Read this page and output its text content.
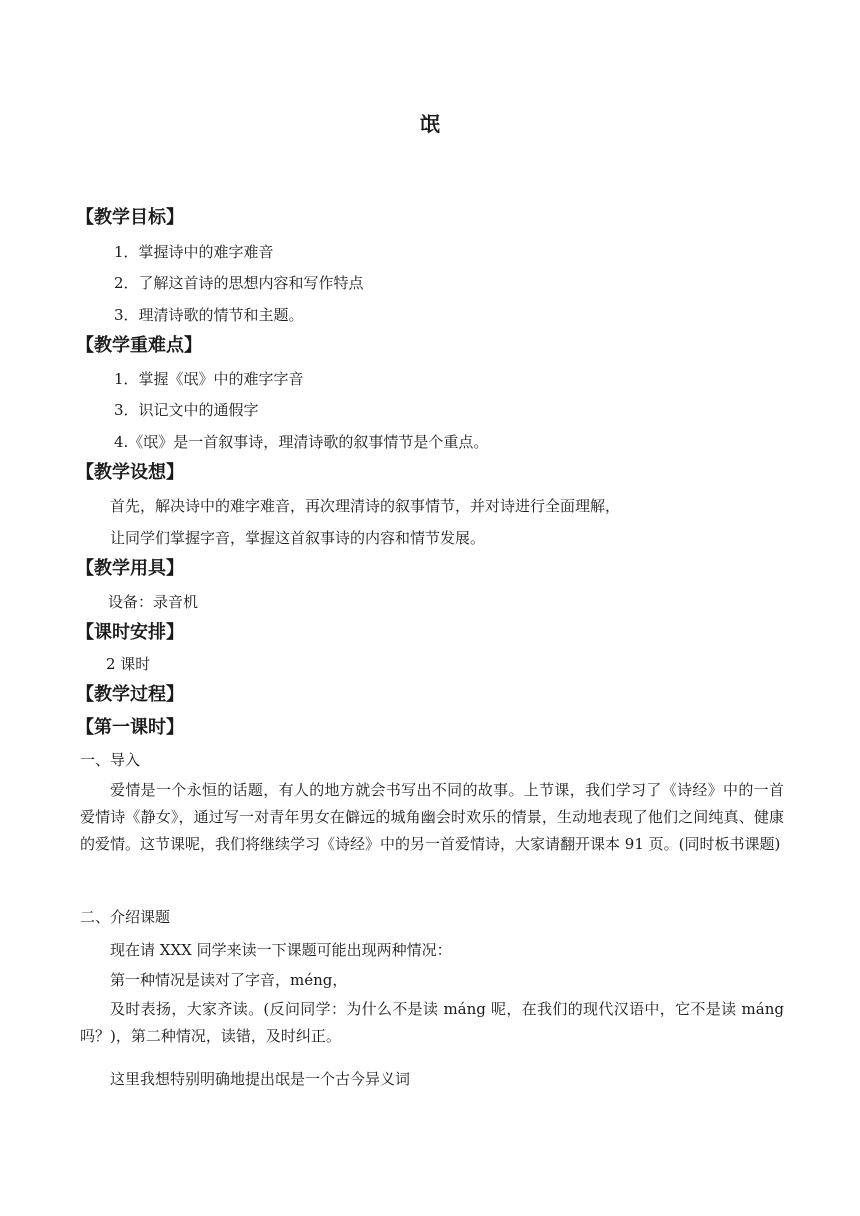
氓
【教学目标】
1．掌握诗中的难字难音
2．了解这首诗的思想内容和写作特点
3．理清诗歌的情节和主题。
【教学重难点】
1．掌握《氓》中的难字字音
3．识记文中的通假字
4.《氓》是一首叙事诗，理清诗歌的叙事情节是个重点。
【教学设想】
首先，解决诗中的难字难音，再次理清诗的叙事情节，并对诗进行全面理解，
让同学们掌握字音，掌握这首叙事诗的内容和情节发展。
【教学用具】
设备：录音机
【课时安排】
2 课时
【教学过程】
【第一课时】
一、导入
爱情是一个永恒的话题，有人的地方就会书写出不同的故事。上节课，我们学习了《诗经》中的一首爱情诗《静女》，通过写一对青年男女在僻远的城角幽会时欢乐的情景，生动地表现了他们之间纯真、健康的爱情。这节课呢，我们将继续学习《诗经》中的另一首爱情诗，大家请翻开课本 91 页。(同时板书课题)
二、介绍课题
现在请 XXX 同学来读一下课题可能出现两种情况：
第一种情况是读对了字音，méng，
及时表扬，大家齐读。(反问同学：为什么不是读 máng 呢，在我们的现代汉语中，它不是读 máng 吗？)，第二种情况，读错，及时纠正。
这里我想特别明确地提出氓是一个古今异义词
